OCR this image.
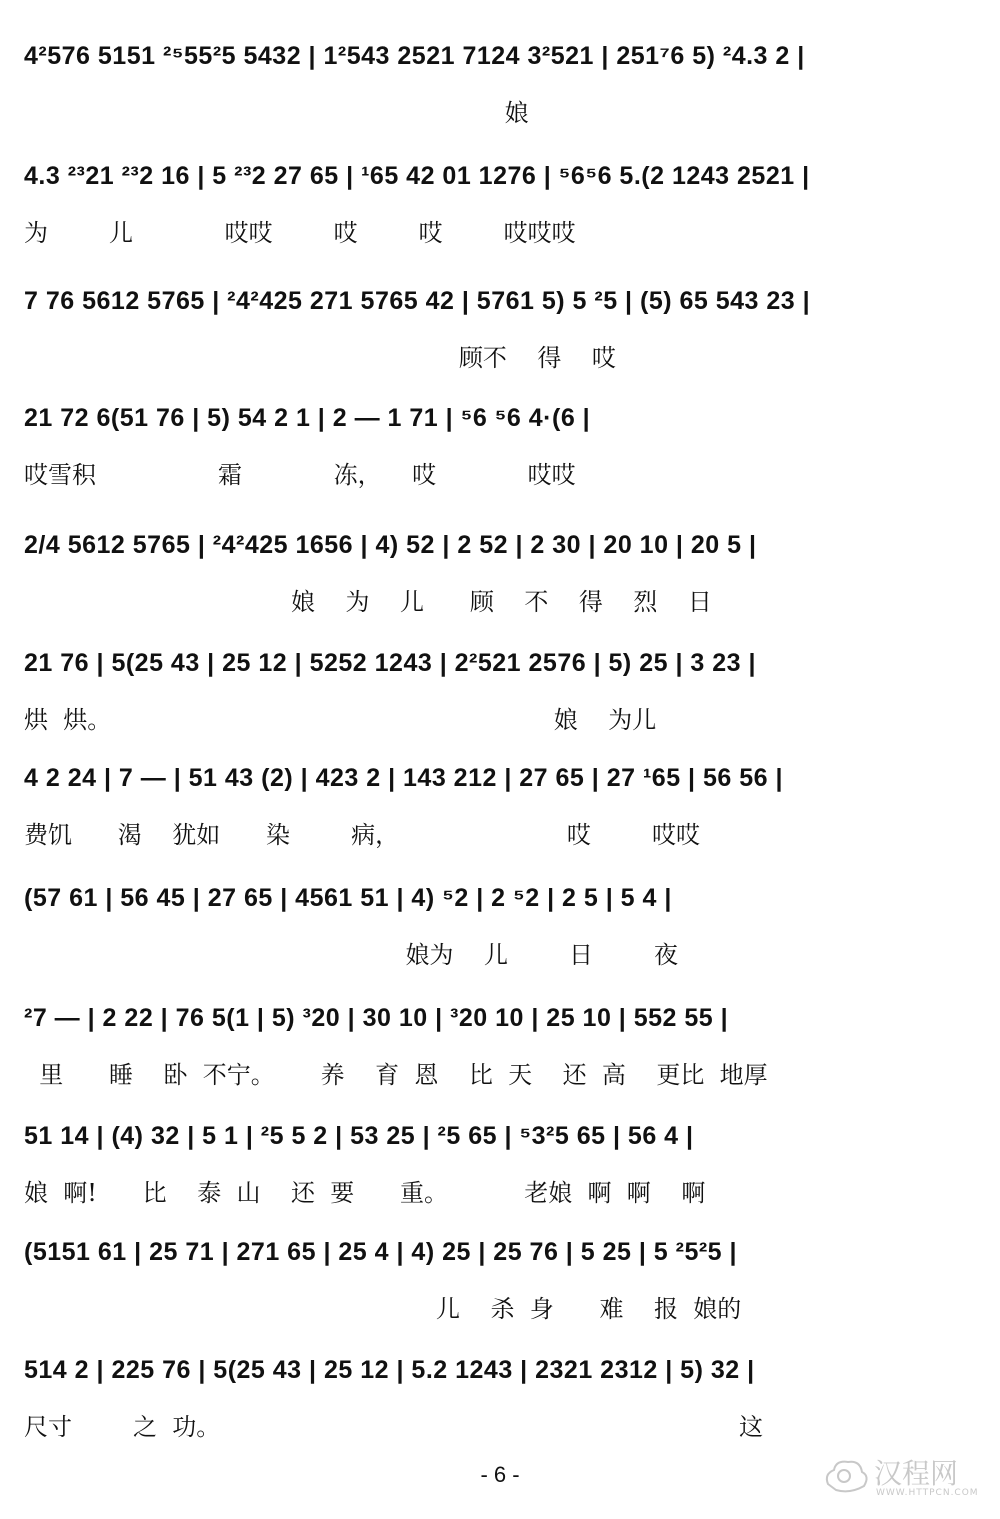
4²576 5151 ²⁵55²5 5432 | 1²543 2521 7124 3²521 | 251⁷6 5) ²4.3 2 |
娘
4.3 ²³21 ²³2 16 | 5 ²³2 27 65 | ¹65 42 01 1276 | ⁵6⁵6 5.(2 1243 2521 |
为        儿            哎哎        哎        哎        哎哎哎
7 76 5612 5765 | ²4²425 271 5765 42 | 5761 5) 5 ²5 | (5) 65 543 23 |
顾不    得    哎
21 72 6(51 76 | 5) 54 2 1 | 2 — 1 71 | ⁵6 ⁵6 4·(6 |
哎雪积                霜            冻，    哎            哎哎
2/4 5612 5765 | ²4²425 1656 | 4) 52 | 2 52 | 2 30 | 20 10 | 20 5 |
娘    为    儿      顾    不    得    烈    日
21 76 | 5(25 43 | 25 12 | 5252 1243 | 2²521 2576 | 5) 25 | 3 23 |
烘  烘。                                                          娘    为儿
4 2 24 | 7 — | 51 43 (2) | 423 2 | 143 212 | 27 65 | 27 ¹65 | 56 56 |
费饥      渴    犹如      染        病，                      哎        哎哎
(57 61 | 56 45 | 27 65 | 4561 51 | 4) ⁵2 | 2 ⁵2 | 2 5 | 5 4 |
娘为    儿        日        夜
²7 — | 2 22 | 76 5(1 | 5) ³20 | 30 10 | ³20 10 | 25 10 | 552 55 |
里      睡    卧  不宁。      养    育  恩    比  天    还  高    更比  地厚
51 14 | (4) 32 | 5 1 | ²5 5 2 | 53 25 | ²5 65 | ⁵3²5 65 | 56 4 |
娘  啊!      比    泰  山    还  要      重。          老娘  啊  啊    啊
(5151 61 | 25 71 | 271 65 | 25 4 | 4) 25 | 25 76 | 5 25 | 5 ²5²5 |
儿    杀  身      难    报  娘的
514 2 | 225 76 | 5(25 43 | 25 12 | 5.2 1243 | 2321 2312 | 5) 32 |
尺寸        之  功。                                                                    这
- 6 -	汉程网
WWW.HTTPCN.COM
